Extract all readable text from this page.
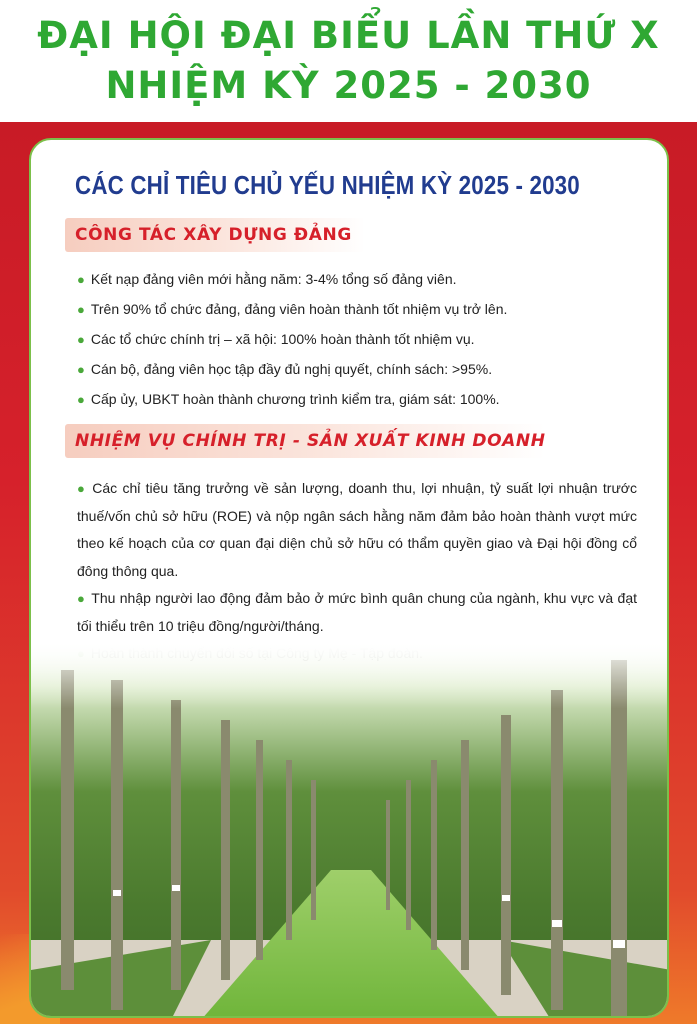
ĐẠI HỘI ĐẠI BIỂU LẦN THỨ X
NHIỆM KỲ 2025 - 2030
CÁC CHỈ TIÊU CHỦ YẾU NHIỆM KỲ 2025 - 2030
CÔNG TÁC XÂY DỰNG ĐẢNG
● Kết nạp đảng viên mới hằng năm: 3-4% tổng số đảng viên.
● Trên 90% tổ chức đảng, đảng viên hoàn thành tốt nhiệm vụ trở lên.
● Các tổ chức chính trị – xã hội: 100% hoàn thành tốt nhiệm vụ.
● Cán bộ, đảng viên học tập đầy đủ nghị quyết, chính sách: >95%.
● Cấp ủy, UBKT hoàn thành chương trình kiểm tra, giám sát: 100%.
NHIỆM VỤ CHÍNH TRỊ - SẢN XUẤT KINH DOANH
● Các chỉ tiêu tăng trưởng về sản lượng, doanh thu, lợi nhuận, tỷ suất lợi nhuận trước thuế/vốn chủ sở hữu (ROE) và nộp ngân sách hằng năm đảm bảo hoàn thành vượt mức theo kế hoạch của cơ quan đại diện chủ sở hữu có thẩm quyền giao và Đại hội đồng cổ đông thông qua.
● Thu nhập người lao động đảm bảo ở mức bình quân chung của ngành, khu vực và đạt tối thiểu trên 10 triệu đồng/người/tháng.
